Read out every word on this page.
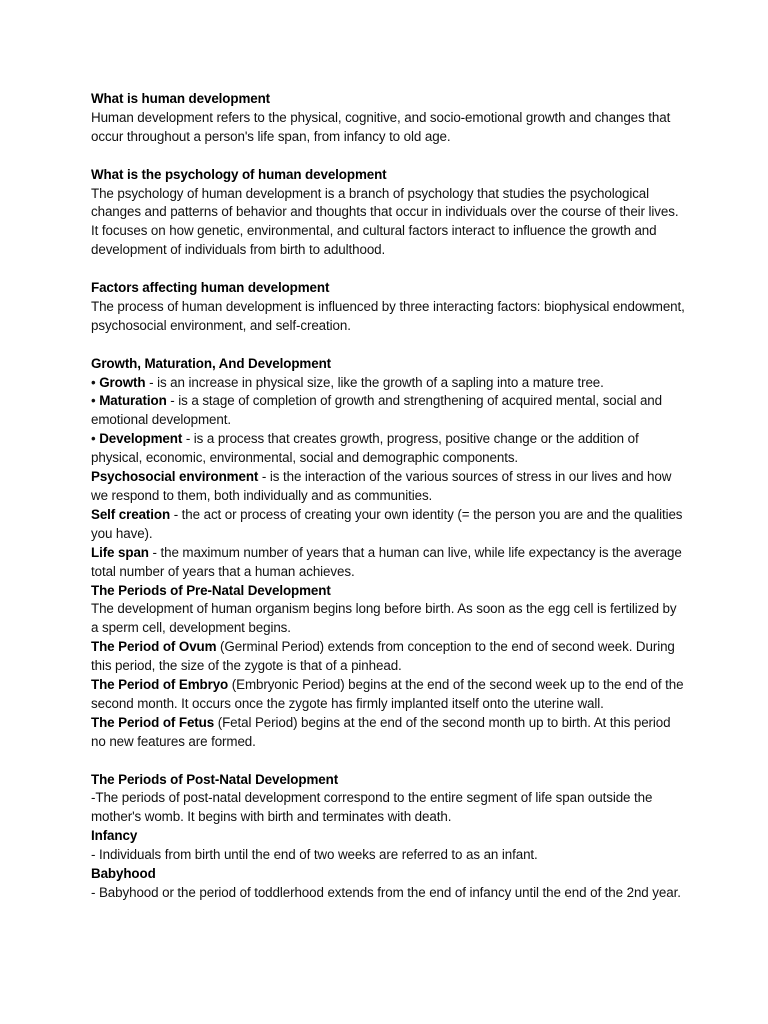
What is human development

Human development refers to the physical, cognitive, and socio-emotional growth and changes that occur throughout a person's life span, from infancy to old age.

What is the psychology of human development

The psychology of human development is a branch of psychology that studies the psychological changes and patterns of behavior and thoughts that occur in individuals over the course of their lives. It focuses on how genetic, environmental, and cultural factors interact to influence the growth and development of individuals from birth to adulthood.

Factors affecting human development

The process of human development is influenced by three interacting factors: biophysical endowment, psychosocial environment, and self-creation.

Growth, Maturation, And Development

• Growth - is an increase in physical size, like the growth of a sapling into a mature tree.

• Maturation - is a stage of completion of growth and strengthening of acquired mental, social and emotional development.

• Development - is a process that creates growth, progress, positive change or the addition of physical, economic, environmental, social and demographic components.

Psychosocial environment - is the interaction of the various sources of stress in our lives and how we respond to them, both individually and as communities.

Self creation - the act or process of creating your own identity (= the person you are and the qualities you have).

Life span - the maximum number of years that a human can live, while life expectancy is the average total number of years that a human achieves.

The Periods of Pre-Natal Development

The development of human organism begins long before birth. As soon as the egg cell is fertilized by a sperm cell, development begins.

The Period of Ovum (Germinal Period) extends from conception to the end of second week. During this period, the size of the zygote is that of a pinhead.

The Period of Embryo (Embryonic Period) begins at the end of the second week up to the end of the second month. It occurs once the zygote has firmly implanted itself onto the uterine wall.

The Period of Fetus (Fetal Period) begins at the end of the second month up to birth. At this period no new features are formed.

The Periods of Post-Natal Development

-The periods of post-natal development correspond to the entire segment of life span outside the mother's womb. It begins with birth and terminates with death.

Infancy

- Individuals from birth until the end of two weeks are referred to as an infant.

Babyhood

- Babyhood or the period of toddlerhood extends from the end of infancy until the end of the 2nd year.
